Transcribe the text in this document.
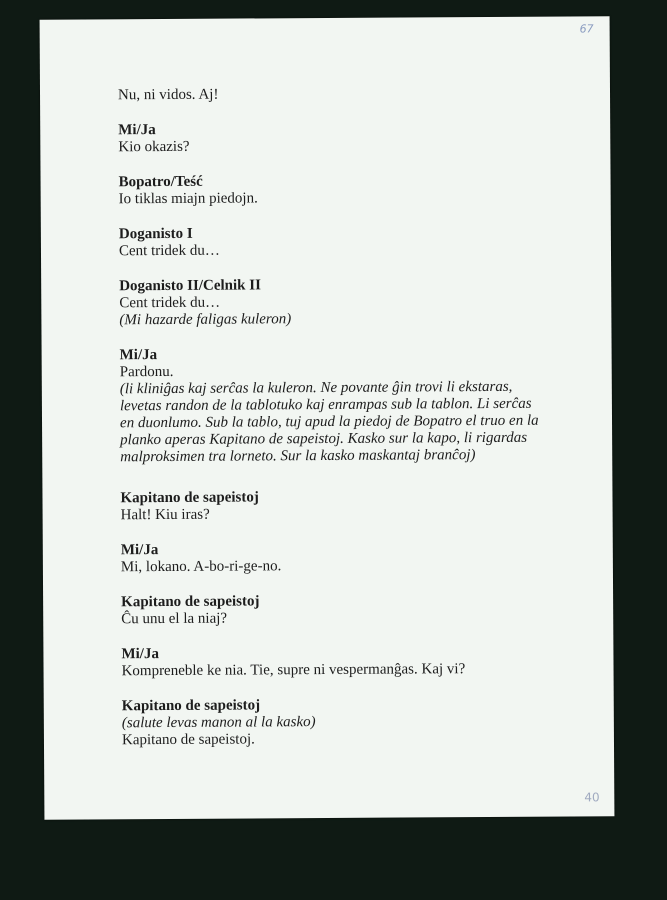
67
Nu, ni vidos. Aj!
Mi/Ja
Kio okazis?
Bopatro/Teść
Io tiklas miajn piedojn.
Doganisto I
Cent tridek du…
Doganisto II/Celnik II
Cent tridek du…
(Mi hazarde faligas kuleron)
Mi/Ja
Pardonu.
(li kliniĝas kaj serĉas la kuleron. Ne povante ĝin trovi li ekstaras,
levetas randon de la tablotuko kaj enrampas sub la tablon. Li serĉas
en duonlumo. Sub la tablo, tuj apud la piedoj de Bopatro el truo en la
planko aperas Kapitano de sapeistoj. Kasko sur la kapo, li rigardas
malproksimen tra lorneto. Sur la kasko maskantaj branĉoj)
Kapitano de sapeistoj
Halt! Kiu iras?
Mi/Ja
Mi, lokano. A-bo-ri-ge-no.
Kapitano de sapeistoj
Ĉu unu el la niaj?
Mi/Ja
Kompreneble ke nia. Tie, supre ni vespermanĝas. Kaj vi?
Kapitano de sapeistoj
(salute levas manon al la kasko)
Kapitano de sapeistoj.
40
